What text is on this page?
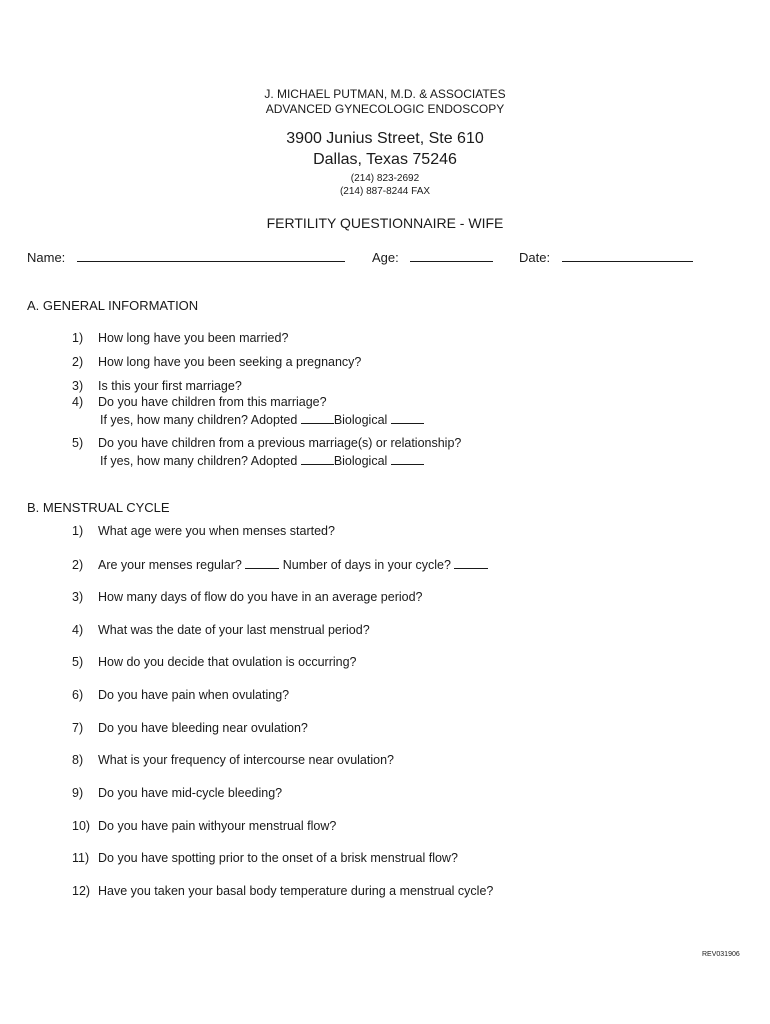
J. MICHAEL PUTMAN, M.D. & ASSOCIATES
ADVANCED GYNECOLOGIC ENDOSCOPY
3900 Junius Street, Ste 610
Dallas, Texas 75246
(214) 823-2692
(214) 887-8244 FAX
FERTILITY QUESTIONNAIRE - WIFE
Name:	Age:	Date:
A. GENERAL INFORMATION
1) How long have you been married?
2) How long have you been seeking a pregnancy?
3) Is this your first marriage?
4) Do you have children from this marriage?
If yes, how many children? Adopted	Biological
5) Do you have children from a previous marriage(s) or relationship?
If yes, how many children? Adopted	Biological
B. MENSTRUAL CYCLE
1) What age were you when menses started?
2) Are your menses regular?	Number of days in your cycle?
3) How many days of flow do you have in an average period?
4) What was the date of your last menstrual period?
5) How do you decide that ovulation is occurring?
6) Do you have pain when ovulating?
7) Do you have bleeding near ovulation?
8) What is your frequency of intercourse near ovulation?
9) Do you have mid-cycle bleeding?
10) Do you have pain withyour menstrual flow?
11) Do you have spotting prior to the onset of a brisk menstrual flow?
12) Have you taken your basal body temperature during a menstrual cycle?
REV031906
